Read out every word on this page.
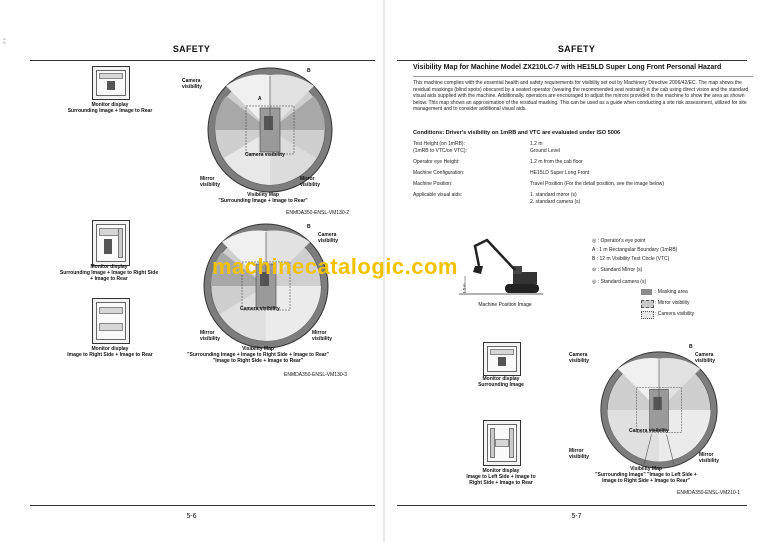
5-6
SAFETY
Monitor display
Surrounding Image + Image to Rear
Camera
visibility
B
A
Camera visibility
Mirror
visibility
Mirror
visibility
Visibility Map
"Surrounding Image + Image to Rear"
ENMDA350-ENSL-VM130-2
Monitor display
Surrounding Image + Image to Right Side
+ Image to Rear
Monitor display
Image to Right Side + Image to Rear
Camera
visibility
B
Camera visibility
Mirror
visibility
Mirror
visibility
Visibility Map
"Surrounding Image + Image to Right Side + Image to Rear"
"Image to Right Side + Image to Rear"
ENMDA350-ENSL-VM130-3
5-6
SAFETY
Visibility Map for Machine Model ZX210LC-7 with HE15LD Super Long Front Personal Hazard
This machine complies with the essential health and safety requirements for visibility set out by Machinery Directive 2006/42/EC. The map shows the residual maskings (blind spots) obscured by a seated operator (wearing the recommended seat restraint) in the cab using direct vision and the standard visual aids supplied with the machine. Additionally, operators are encouraged to adjust the mirrors provided to the machine to show the area as shown below. This map shows an approximation of the residual masking. This can be used as a guide when conducting a site risk assessment, utilized for site management and to consider additional visual aids.
Conditions: Driver's visibility on 1mRB and VTC are evaluated under ISO 5006
Test Height (on 1mRB):	1.2 m
(1mRB to VTC/on VTC):	Ground Level
Operator eye Height:	1.2 m from the cab floor
Machine Configuration:	HE15LD Super Long Front
Machine Position:	Travel Position (For the detail position, see the image below)
Applicable visual aids:	1. standard mirror (s)
2. standard camera (s)
1.5 m
Machine Position Image
◎ : Operator's eye point
A : 1 m Rectangular Boundary (1mRB)
B : 12 m Visibility Test Circle (VTC)
⊖ : Standard Mirror (s)
◎ : Standard camera (s)
: Masking area
: Mirror visibility
: Camera visibility
Monitor display
Surrounding Image
Monitor display
Image to Left Side + Image to
Right Side + Image to Rear
Camera
visibility
Camera
visibility
B
Camera visibility
Mirror
visibility	Mirror
visibility
Visibility Map
"Surrounding Image" "Image to Left Side +
Image to Right Side + Image to Rear"
ENMDA350-ENSL-VM210-1
5-7
machinecatalogic.com
